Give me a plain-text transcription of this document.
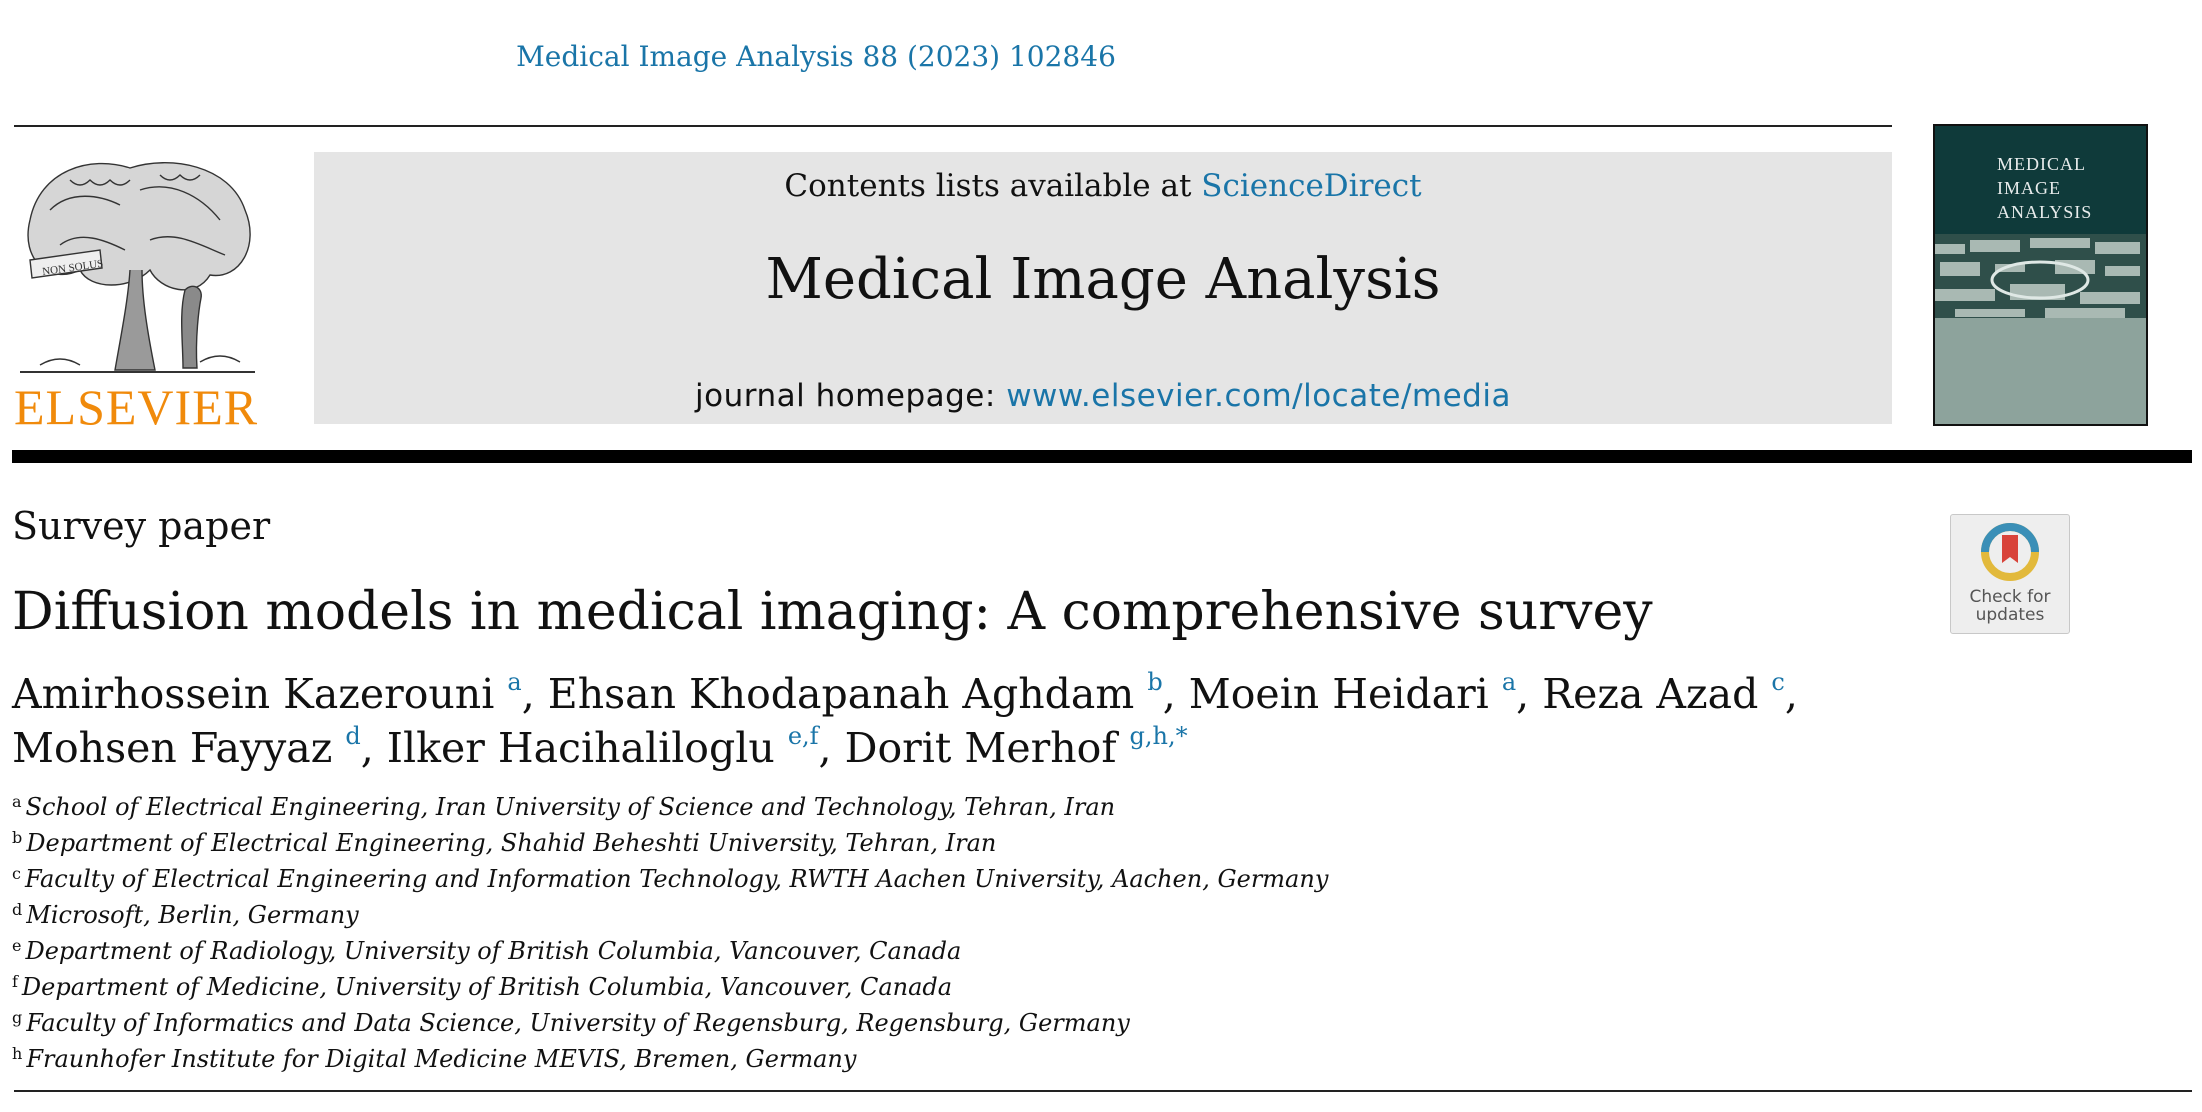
Medical Image Analysis 88 (2023) 102846
NON SOLUS
ELSEVIER
Contents lists available at ScienceDirect
Medical Image Analysis
journal homepage: www.elsevier.com/locate/media
MEDICAL
IMAGE
ANALYSIS
Survey paper
Diffusion models in medical imaging: A comprehensive survey	Check for
updates
Amirhossein Kazerouni $^a$, Ehsan Khodapanah Aghdam $^b$, Moein Heidari $^a$, Reza Azad $^c$,
Mohsen Fayyaz $^d$, Ilker Hacihaliloglu $^{e,f}$, Dorit Merhof $^{g,h,*}$
$^a$ School of Electrical Engineering, Iran University of Science and Technology, Tehran, Iran
$^b$ Department of Electrical Engineering, Shahid Beheshti University, Tehran, Iran
$^c$ Faculty of Electrical Engineering and Information Technology, RWTH Aachen University, Aachen, Germany
$^d$ Microsoft, Berlin, Germany
$^e$ Department of Radiology, University of British Columbia, Vancouver, Canada
$^f$ Department of Medicine, University of British Columbia, Vancouver, Canada
$^g$ Faculty of Informatics and Data Science, University of Regensburg, Regensburg, Germany
$^h$ Fraunhofer Institute for Digital Medicine MEVIS, Bremen, Germany
